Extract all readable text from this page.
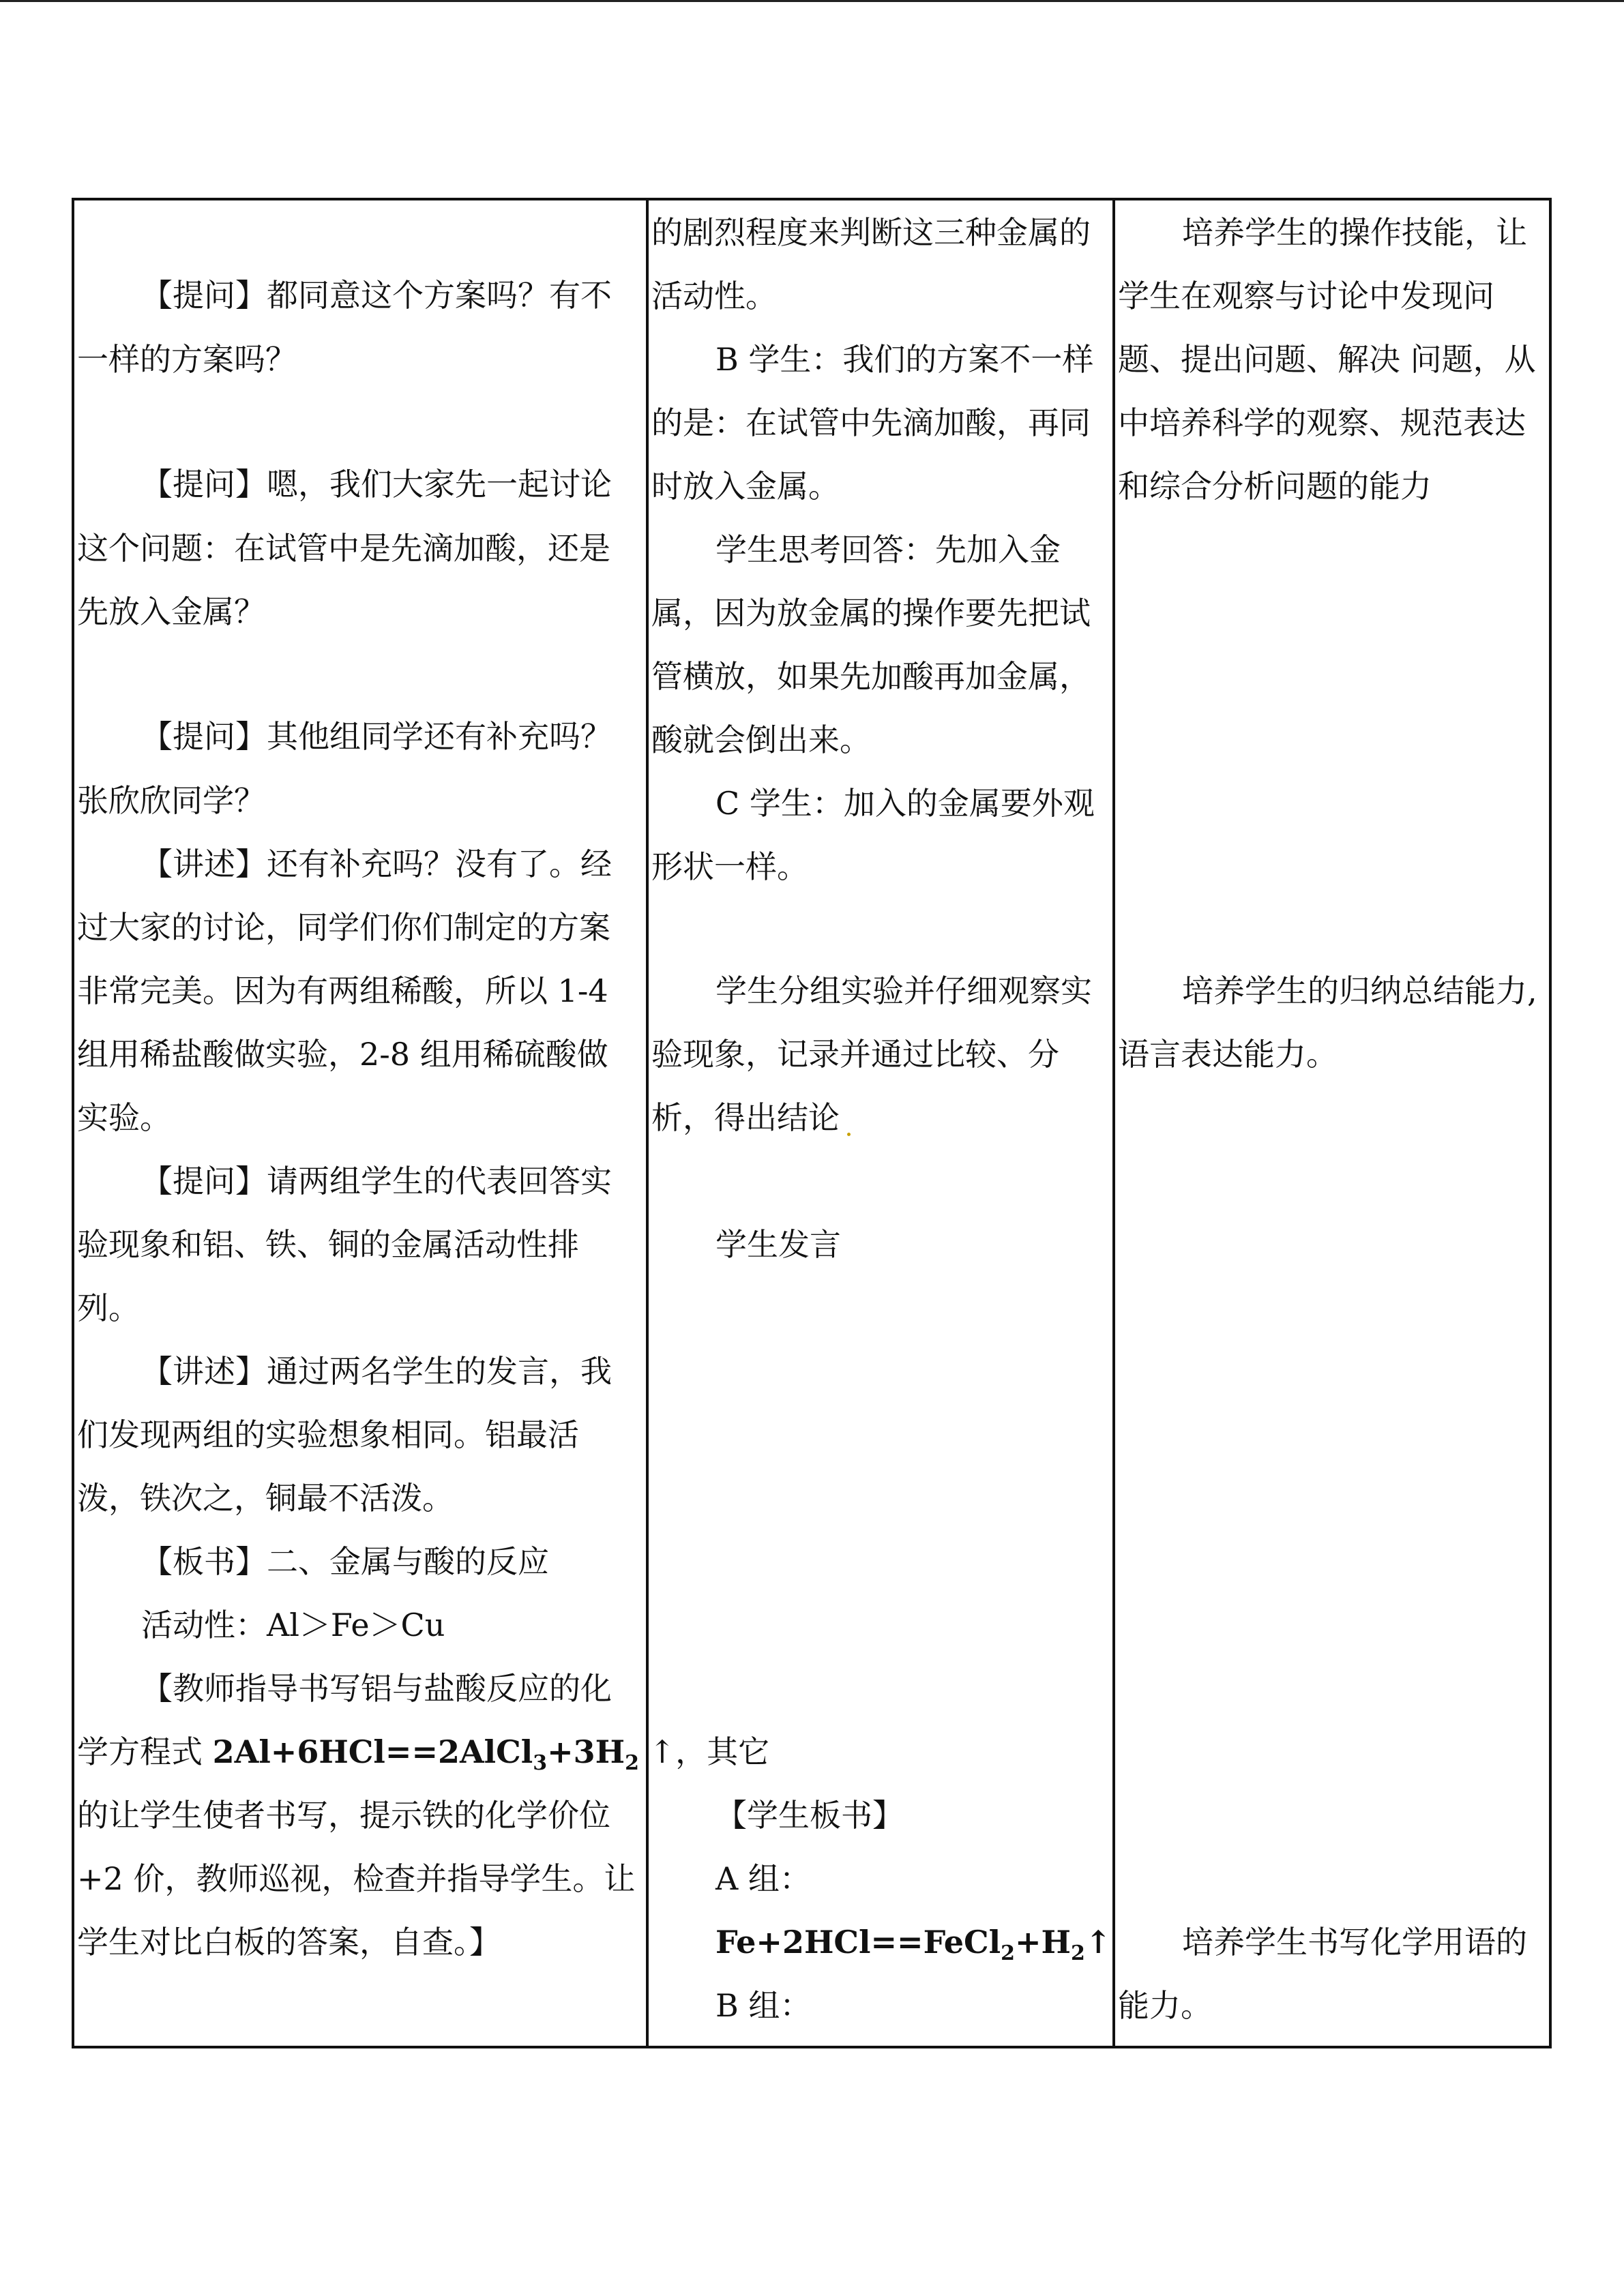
【提问】都同意这个方案吗？有不
一样的方案吗？
【提问】嗯，我们大家先一起讨论
这个问题：在试管中是先滴加酸，还是
先放入金属？
【提问】其他组同学还有补充吗？
张欣欣同学？
【讲述】还有补充吗？没有了。经
过大家的讨论，同学们你们制定的方案
非常完美。因为有两组稀酸，所以 1-4
组用稀盐酸做实验，2-8 组用稀硫酸做
实验。
【提问】请两组学生的代表回答实
验现象和铝、铁、铜的金属活动性排
列。
【讲述】通过两名学生的发言，我
们发现两组的实验想象相同。铝最活
泼，铁次之，铜最不活泼。
【板书】二、金属与酸的反应
活动性：Al＞Fe＞Cu
【教师指导书写铝与盐酸反应的化
学方程式 $2Al+6HCl==2AlCl_3+3H_2$ ↑，其它
的让学生使者书写，提示铁的化学价位
+2 价，教师巡视，检查并指导学生。让
学生对比白板的答案，自查。】
的剧烈程度来判断这三种金属的
活动性。
B 学生：我们的方案不一样
的是：在试管中先滴加酸，再同
时放入金属。
学生思考回答：先加入金
属，因为放金属的操作要先把试
管横放，如果先加酸再加金属，
酸就会倒出来。
C 学生：加入的金属要外观
形状一样。
学生分组实验并仔细观察实
验现象，记录并通过比较、分
析，得出结论
学生发言
【学生板书】
A 组：
$Fe+2HCl==FeCl_2+H_2↑$
B 组：
培养学生的操作技能，让
学生在观察与讨论中发现问
题、提出问题、解决 问题，从
中培养科学的观察、规范表达
和综合分析问题的能力
培养学生的归纳总结能力,
语言表达能力。
培养学生书写化学用语的
能力。
